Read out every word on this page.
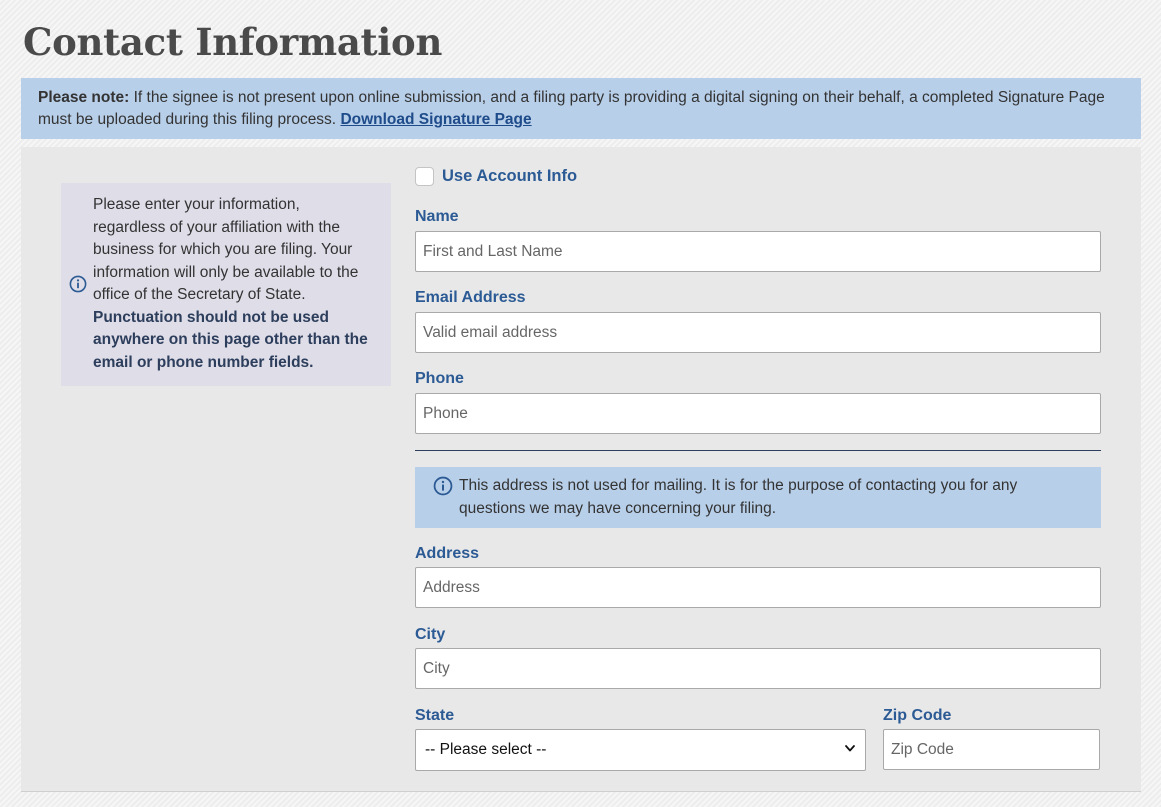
Contact Information
Please note: If the signee is not present upon online submission, and a filing party is providing a digital signing on their behalf, a completed Signature Page must be uploaded during this filing process. Download Signature Page
Please enter your information, regardless of your affiliation with the business for which you are filing. Your information will only be available to the office of the Secretary of State. Punctuation should not be used anywhere on this page other than the email or phone number fields.
Use Account Info
Name
First and Last Name
Email Address
Valid email address
Phone
Phone
This address is not used for mailing. It is for the purpose of contacting you for any questions we may have concerning your filing.
Address
Address
City
City
State
-- Please select --
Zip Code
Zip Code
